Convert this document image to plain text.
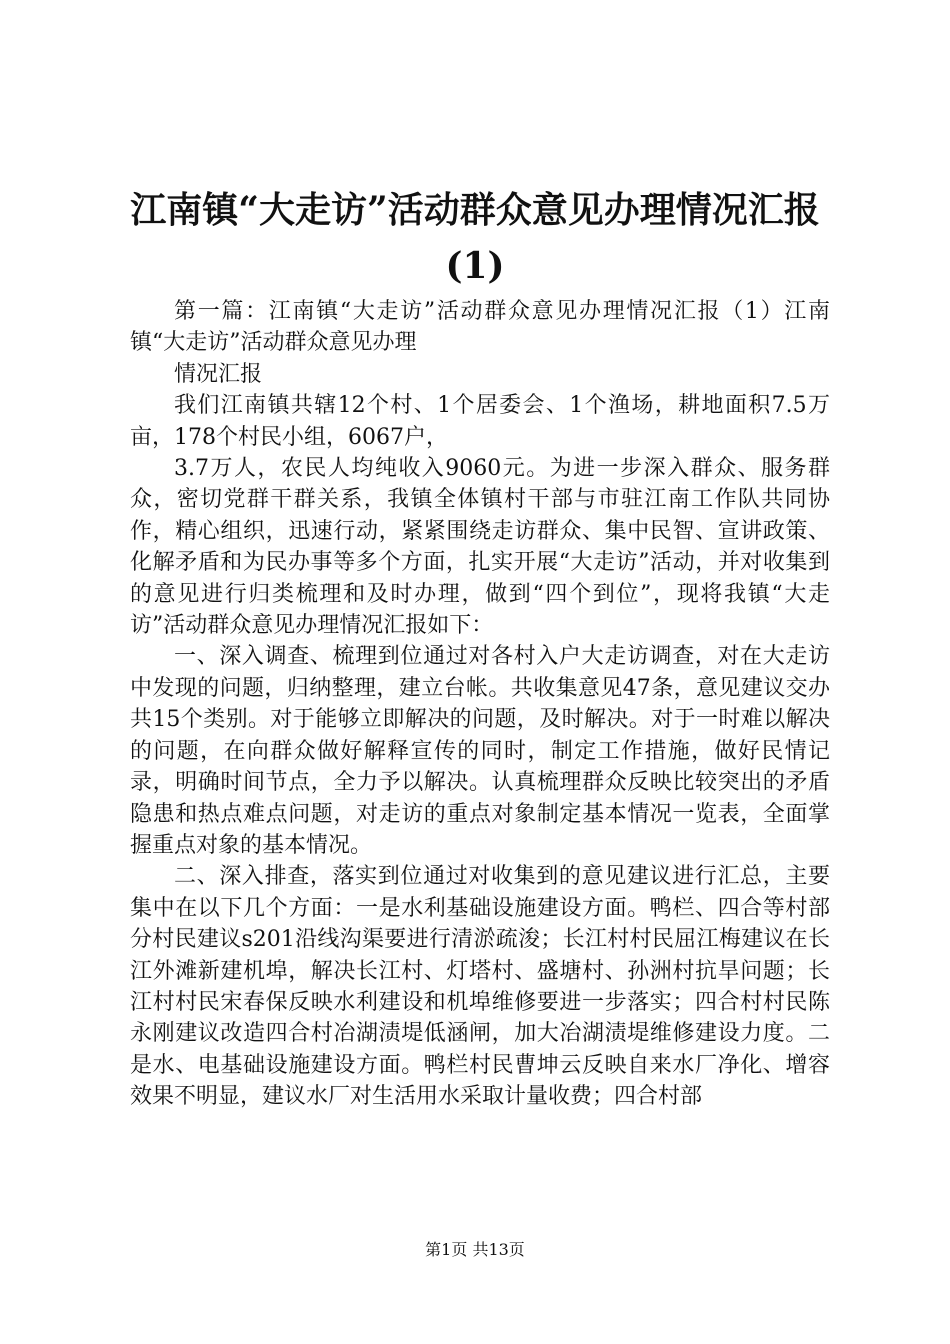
江南镇“大走访”活动群众意见办理情况汇报
(1)

第一篇：江南镇“大走访”活动群众意见办理情况汇报（1）江南镇“大走访”活动群众意见办理

情况汇报

我们江南镇共辖12个村、1个居委会、1个渔场，耕地面积7.5万亩，178个村民小组，6067户，

3.7万人，农民人均纯收入9060元。为进一步深入群众、服务群众，密切党群干群关系，我镇全体镇村干部与市驻江南工作队共同协作，精心组织，迅速行动，紧紧围绕走访群众、集中民智、宣讲政策、化解矛盾和为民办事等多个方面，扎实开展“大走访”活动，并对收集到的意见进行归类梳理和及时办理，做到“四个到位”，现将我镇“大走访”活动群众意见办理情况汇报如下：

一、深入调查、梳理到位通过对各村入户大走访调查，对在大走访中发现的问题，归纳整理，建立台帐。共收集意见47条，意见建议交办共15个类别。对于能够立即解决的问题，及时解决。对于一时难以解决的问题，在向群众做好解释宣传的同时，制定工作措施，做好民情记录，明确时间节点，全力予以解决。认真梳理群众反映比较突出的矛盾隐患和热点难点问题，对走访的重点对象制定基本情况一览表，全面掌握重点对象的基本情况。

二、深入排查，落实到位通过对收集到的意见建议进行汇总，主要集中在以下几个方面：一是水利基础设施建设方面。鸭栏、四合等村部分村民建议s201沿线沟渠要进行清淤疏浚；长江村村民屈江梅建议在长江外滩新建机埠，解决长江村、灯塔村、盛塘村、孙洲村抗旱问题；长江村村民宋春保反映水利建设和机埠维修要进一步落实；四合村村民陈永刚建议改造四合村冶湖渍堤低涵闸，加大冶湖渍堤维修建设力度。二是水、电基础设施建设方面。鸭栏村民曹坤云反映自来水厂净化、增容效果不明显，建议水厂对生活用水采取计量收费；四合村部

第1页 共13页
